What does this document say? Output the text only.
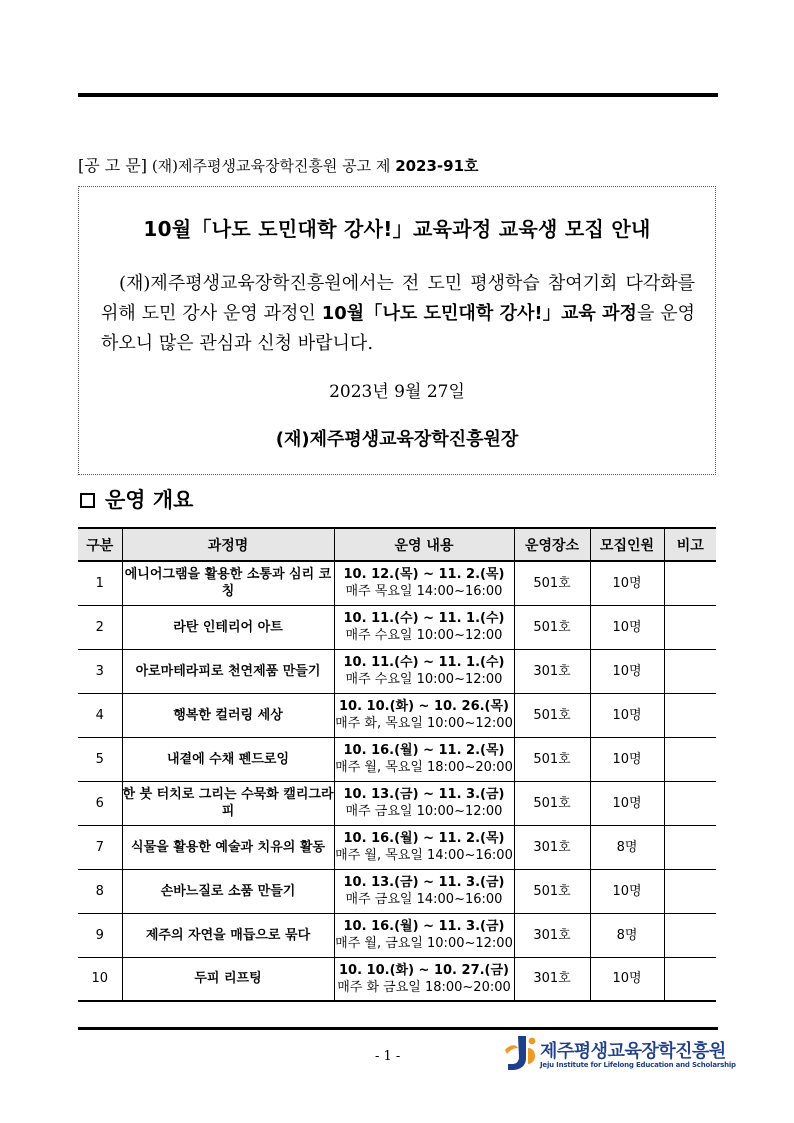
[공 고 문] (재)제주평생교육장학진흥원 공고 제 2023-91호
10월「나도 도민대학 강사!」교육과정 교육생 모집 안내
(재)제주평생교육장학진흥원에서는 전 도민 평생학습 참여기회 다각화를 위해 도민 강사 운영 과정인 10월「나도 도민대학 강사!」교육 과정을 운영하오니 많은 관심과 신청 바랍니다.
2023년 9월 27일
(재)제주평생교육장학진흥원장
운영 개요
구분	과정명	운영 내용	운영장소	모집인원	비고
1	에니어그램을 활용한 소통과 심리 코칭	10. 12.(목) ~ 11. 2.(목)
매주 목요일 14:00~16:00	501호	10명	
2	라탄 인테리어 아트	10. 11.(수) ~ 11. 1.(수)
매주 수요일 10:00~12:00	501호	10명	
3	아로마테라피로 천연제품 만들기	10. 11.(수) ~ 11. 1.(수)
매주 수요일 10:00~12:00	301호	10명	
4	행복한 컬러링 세상	10. 10.(화) ~ 10. 26.(목)
매주 화, 목요일 10:00~12:00	501호	10명	
5	내곁에 수채 펜드로잉	10. 16.(월) ~ 11. 2.(목)
매주 월, 목요일 18:00~20:00	501호	10명	
6	한 붓 터치로 그리는 수묵화 캘리그라피	10. 13.(금) ~ 11. 3.(금)
매주 금요일 10:00~12:00	501호	10명	
7	식물을 활용한 예술과 치유의 활동	10. 16.(월) ~ 11. 2.(목)
매주 월, 목요일 14:00~16:00	301호	8명	
8	손바느질로 소품 만들기	10. 13.(금) ~ 11. 3.(금)
매주 금요일 14:00~16:00	501호	10명	
9	제주의 자연을 매듭으로 묶다	10. 16.(월) ~ 11. 3.(금)
매주 월, 금요일 10:00~12:00	301호	8명	
10	두피 리프팅	10. 10.(화) ~ 10. 27.(금)
매주 화 금요일 18:00~20:00	301호	10명	
- 1 -	제주평생교육장학진흥원
Jeju Institute for Lifelong Education and Scholarship
